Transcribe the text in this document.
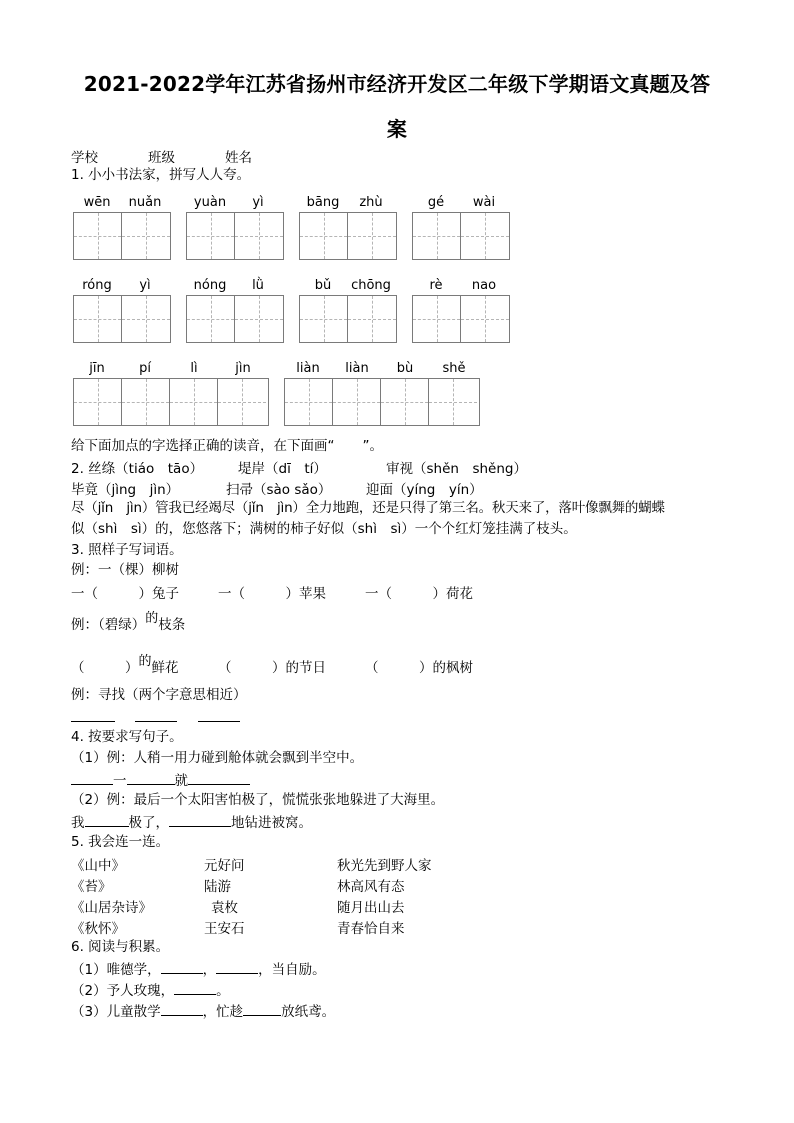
2021-2022学年江苏省扬州市经济开发区二年级下学期语文真题及答
案
学校	班级	姓名
1. 小小书法家，拼写人人夸。
wēn	nuǎn	yuàn	yì	bāng	zhù	gé	wài
róng	yì	nóng	lǜ	bǔ	chōng	rè	nao
jīn	pí	lì	jìn	liàn	liàn	bù	shě
给下面加点的字选择正确的读音，在下面画“ ”。
2. 丝绦（tiáo　tāo）	堤岸（dī　tí）	审视（shěn　shěng）
毕竟（jìng　jìn）	扫帚（sào sǎo）	迎面（yíng　yín）
尽（jǐn　jìn）管我已经竭尽（jǐn　jìn）全力地跑，还是只得了第三名。秋天来了，落叶像飘舞的蝴蝶
似（shì　sì）的，您悠落下；满树的柿子好似（shì　sì）一个个红灯笼挂满了枝头。
3. 照样子写词语。
例：一（棵）柳树
一（　　　）兔子	一（　　　）苹果	一（　　　）荷花
例：（碧绿）的枝条
（　　　）的鲜花	（　　　）的节日	（　　　）的枫树
例：寻找（两个字意思相近）
4. 按要求写句子。
（1）例：人稍一用力碰到舱体就会飘到半空中。
一	就
（2）例：最后一个太阳害怕极了，慌慌张张地躲进了大海里。
我	极了，	地钻进被窝。
5. 我会连一连。
《山中》	元好问	秋光先到野人家
《苔》	陆游	林高风有态
《山居杂诗》	袁枚	随月出山去
《秋怀》	王安石	青春恰自来
6. 阅读与积累。
（1）唯德学，	，	，当自励。
（2）予人玫瑰，	。
（3）儿童散学	，忙趁	放纸鸢。
